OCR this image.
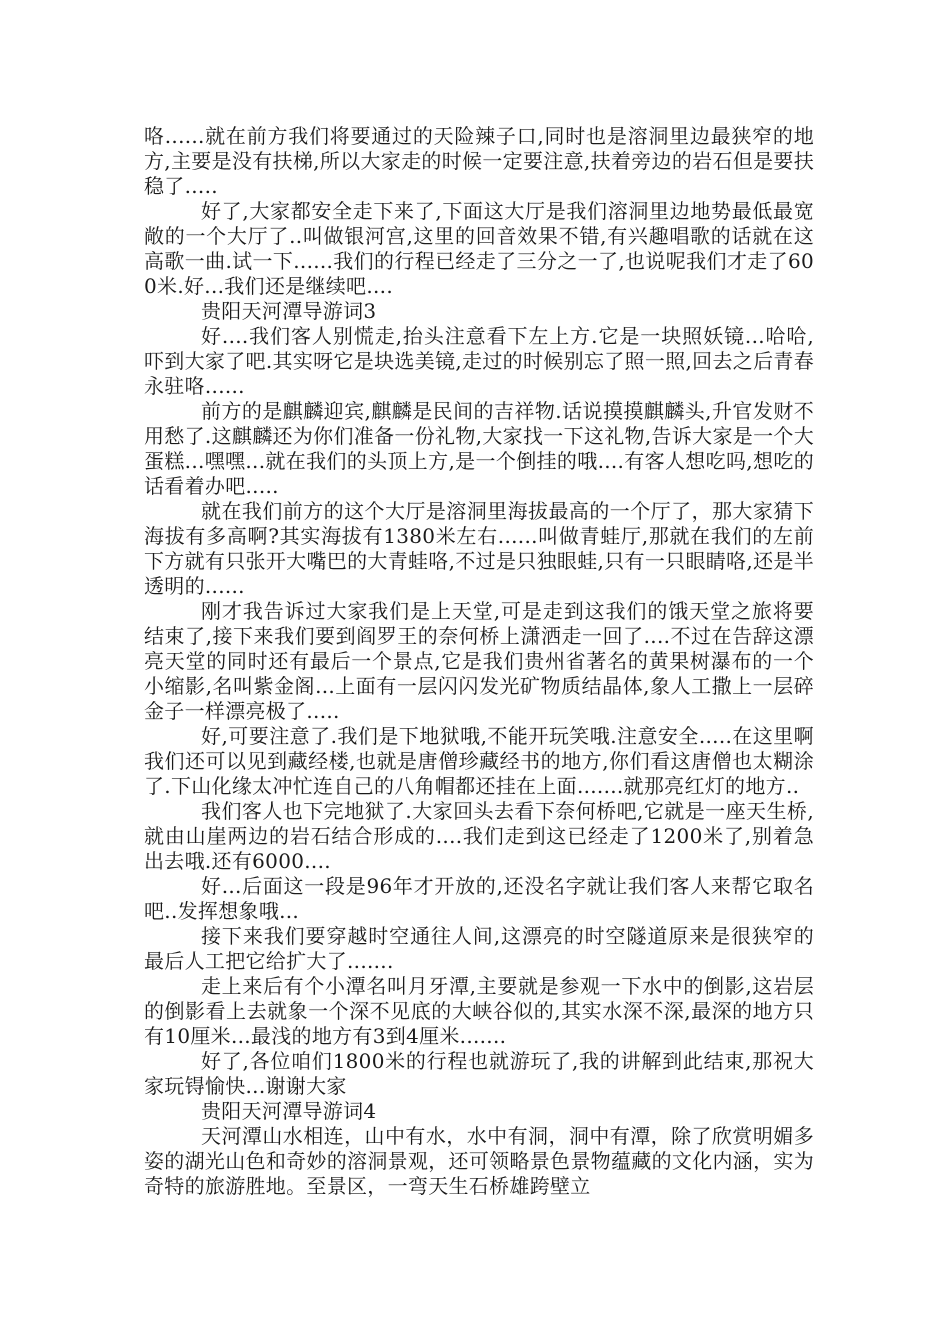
咯......就在前方我们将要通过的天险辣子口,同时也是溶洞里边最狭窄的地方,主要是没有扶梯,所以大家走的时候一定要注意,扶着旁边的岩石但是要扶稳了.....

好了,大家都安全走下来了,下面这大厅是我们溶洞里边地势最低最宽敞的一个大厅了..叫做银河宫,这里的回音效果不错,有兴趣唱歌的话就在这高歌一曲.试一下......我们的行程已经走了三分之一了,也说呢我们才走了600米.好...我们还是继续吧....

贵阳天河潭导游词3

好....我们客人别慌走,抬头注意看下左上方.它是一块照妖镜...哈哈,吓到大家了吧.其实呀它是块选美镜,走过的时候别忘了照一照,回去之后青春永驻咯......

前方的是麒麟迎宾,麒麟是民间的吉祥物.话说摸摸麒麟头,升官发财不用愁了.这麒麟还为你们准备一份礼物,大家找一下这礼物,告诉大家是一个大蛋糕...嘿嘿...就在我们的头顶上方,是一个倒挂的哦....有客人想吃吗,想吃的话看着办吧.....

就在我们前方的这个大厅是溶洞里海拔最高的一个厅了，那大家猜下海拔有多高啊?其实海拔有1380米左右......叫做青蛙厅,那就在我们的左前下方就有只张开大嘴巴的大青蛙咯,不过是只独眼蛙,只有一只眼睛咯,还是半透明的......

刚才我告诉过大家我们是上天堂,可是走到这我们的饿天堂之旅将要结束了,接下来我们要到阎罗王的奈何桥上潇洒走一回了....不过在告辞这漂亮天堂的同时还有最后一个景点,它是我们贵州省著名的黄果树瀑布的一个小缩影,名叫紫金阁...上面有一层闪闪发光矿物质结晶体,象人工撒上一层碎金子一样漂亮极了.....

好,可要注意了.我们是下地狱哦,不能开玩笑哦.注意安全.....在这里啊我们还可以见到藏经楼,也就是唐僧珍藏经书的地方,你们看这唐僧也太糊涂了.下山化缘太冲忙连自己的八角帽都还挂在上面.......就那亮红灯的地方..

我们客人也下完地狱了.大家回头去看下奈何桥吧,它就是一座天生桥,就由山崖两边的岩石结合形成的....我们走到这已经走了1200米了,别着急出去哦.还有6000....

好...后面这一段是96年才开放的,还没名字就让我们客人来帮它取名吧..发挥想象哦...

接下来我们要穿越时空通往人间,这漂亮的时空隧道原来是很狭窄的最后人工把它给扩大了.......

走上来后有个小潭名叫月牙潭,主要就是参观一下水中的倒影,这岩层的倒影看上去就象一个深不见底的大峡谷似的,其实水深不深,最深的地方只有10厘米...最浅的地方有3到4厘米.......

好了,各位咱们1800米的行程也就游玩了,我的讲解到此结束,那祝大家玩锝愉快...谢谢大家

贵阳天河潭导游词4

天河潭山水相连，山中有水，水中有洞，洞中有潭，除了欣赏明媚多姿的湖光山色和奇妙的溶洞景观，还可领略景色景物蕴藏的文化内涵，实为奇特的旅游胜地。至景区，一弯天生石桥雄跨壁立
